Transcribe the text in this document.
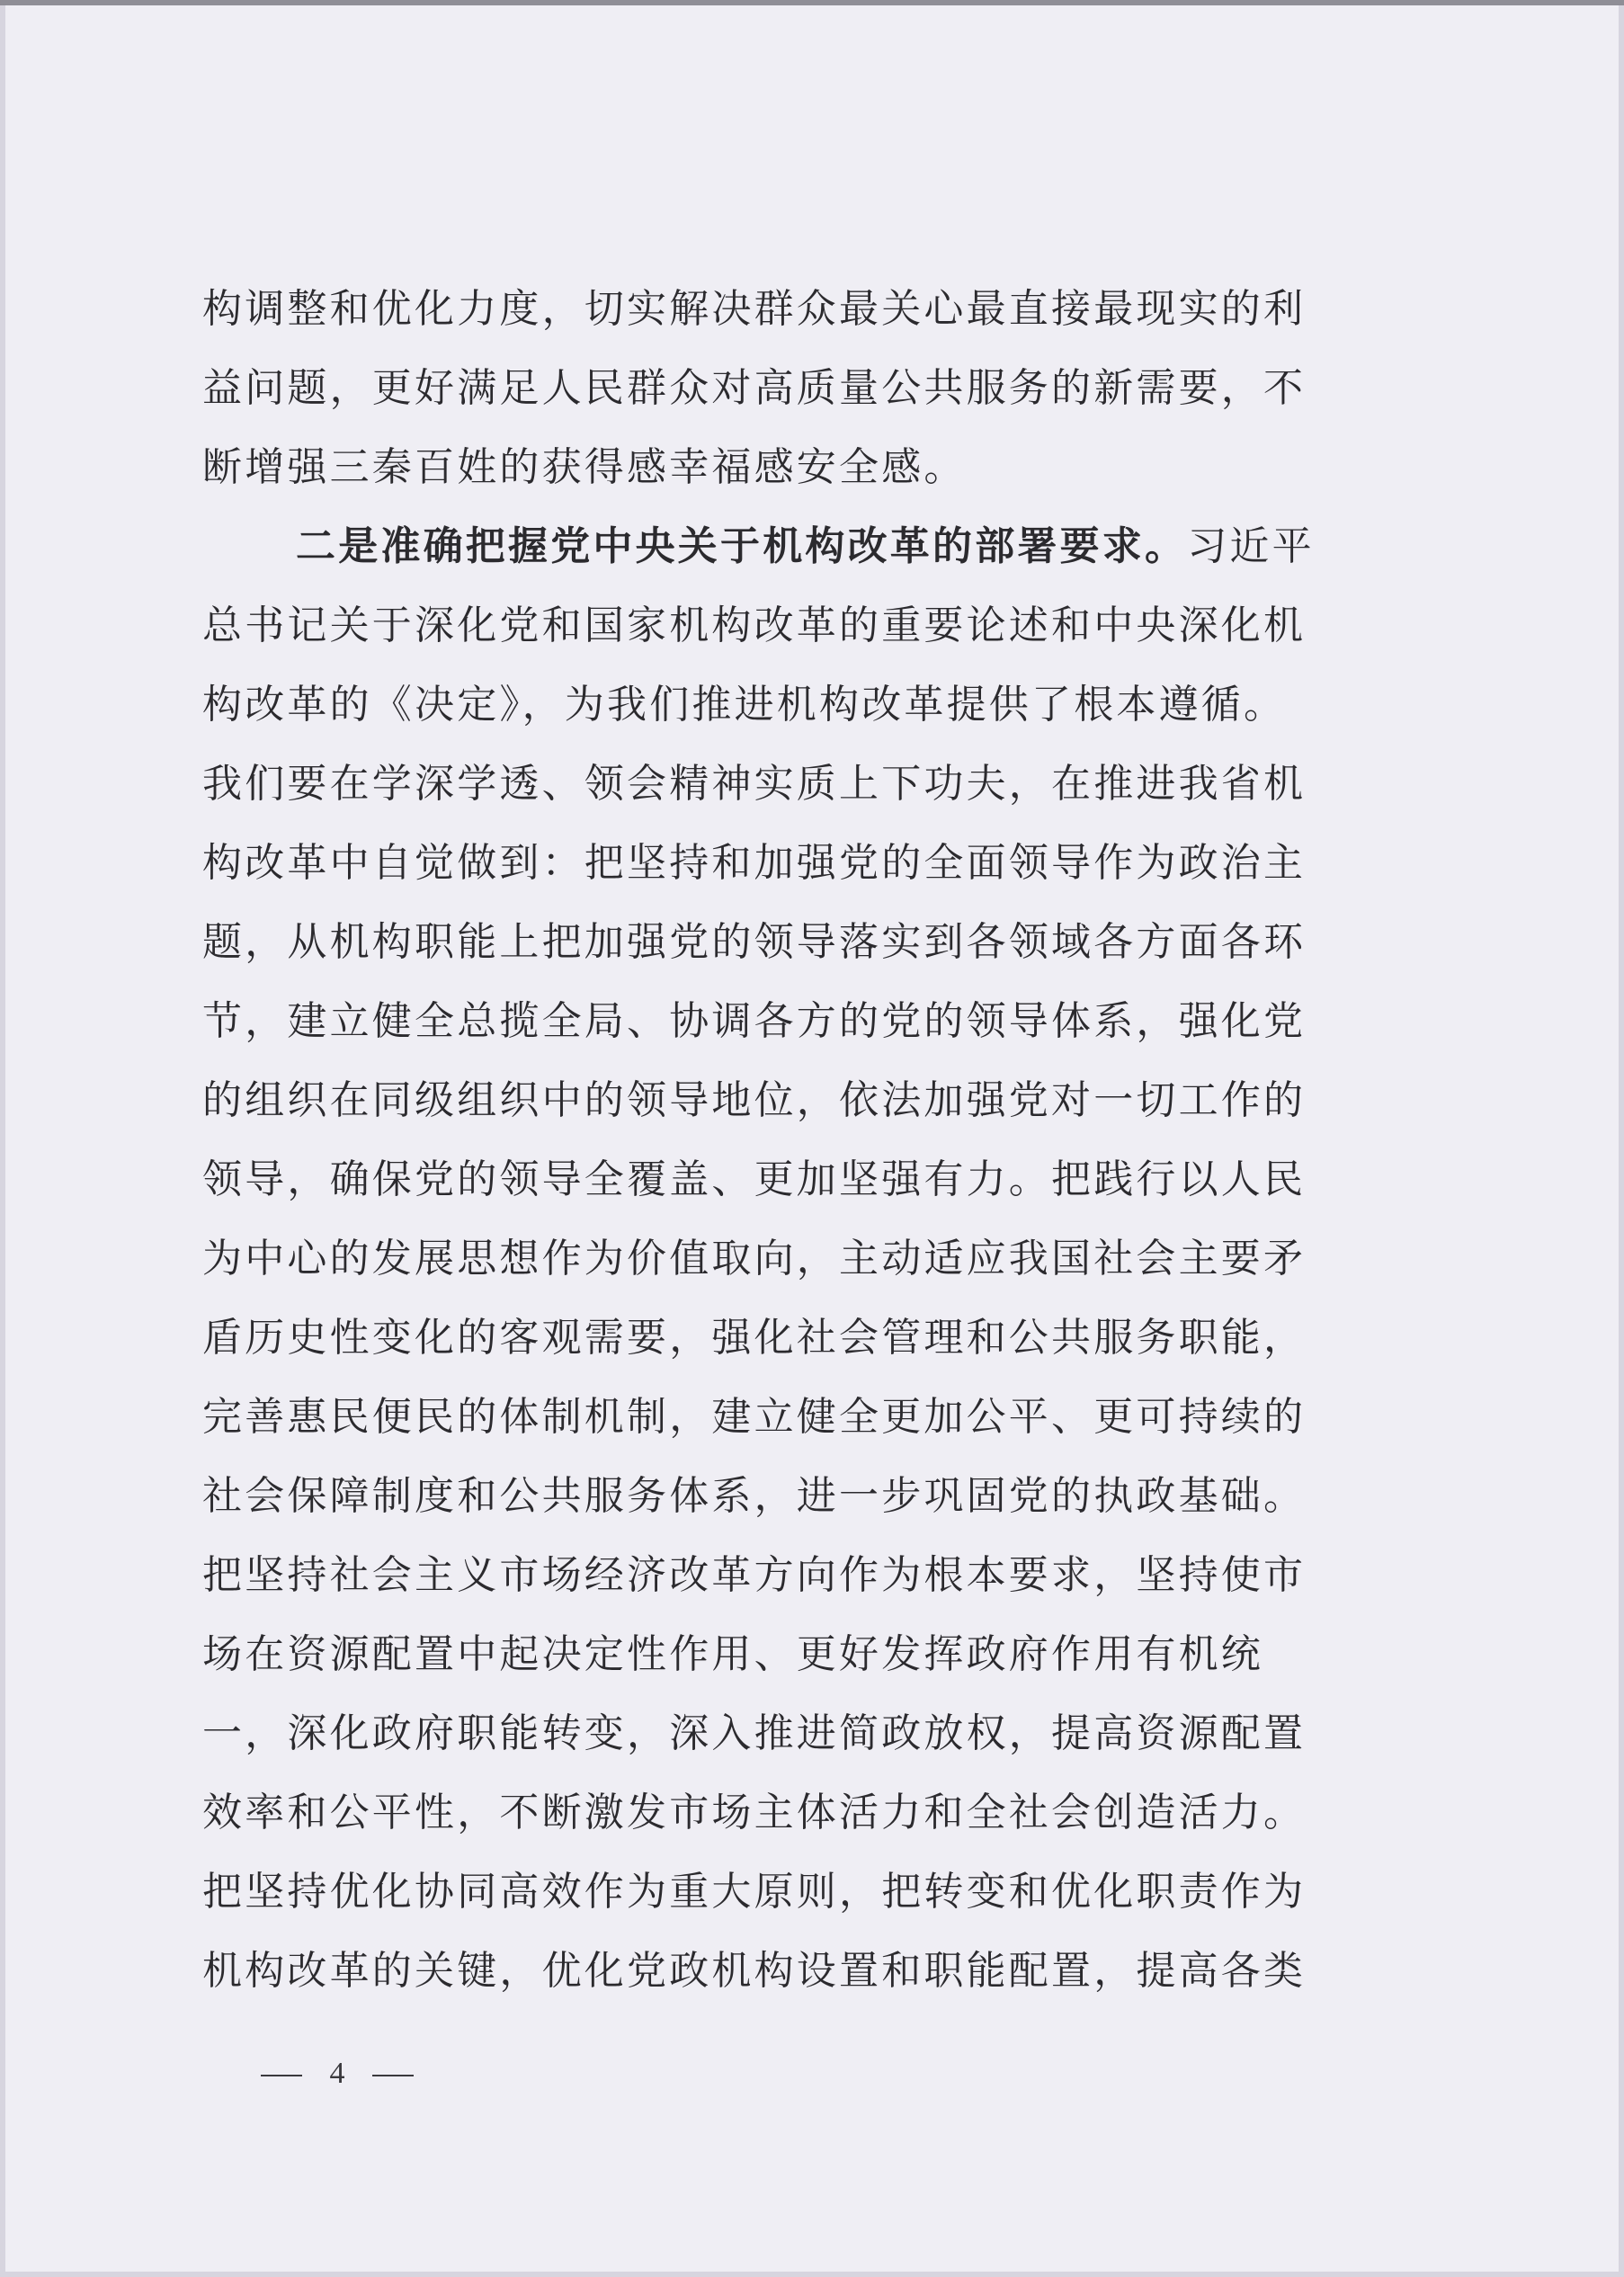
构调整和优化力度，切实解决群众最关心最直接最现实的利
益问题，更好满足人民群众对高质量公共服务的新需要，不
断增强三秦百姓的获得感幸福感安全感。
二是准确把握党中央关于机构改革的部署要求。习近平
总书记关于深化党和国家机构改革的重要论述和中央深化机
构改革的《决定》，为我们推进机构改革提供了根本遵循。
我们要在学深学透、领会精神实质上下功夫，在推进我省机
构改革中自觉做到：把坚持和加强党的全面领导作为政治主
题，从机构职能上把加强党的领导落实到各领域各方面各环
节，建立健全总揽全局、协调各方的党的领导体系，强化党
的组织在同级组织中的领导地位，依法加强党对一切工作的
领导，确保党的领导全覆盖、更加坚强有力。把践行以人民
为中心的发展思想作为价值取向，主动适应我国社会主要矛
盾历史性变化的客观需要，强化社会管理和公共服务职能，
完善惠民便民的体制机制，建立健全更加公平、更可持续的
社会保障制度和公共服务体系，进一步巩固党的执政基础。
把坚持社会主义市场经济改革方向作为根本要求，坚持使市
场在资源配置中起决定性作用、更好发挥政府作用有机统
一，深化政府职能转变，深入推进简政放权，提高资源配置
效率和公平性，不断激发市场主体活力和全社会创造活力。
把坚持优化协同高效作为重大原则，把转变和优化职责作为
机构改革的关键，优化党政机构设置和职能配置，提高各类
4
